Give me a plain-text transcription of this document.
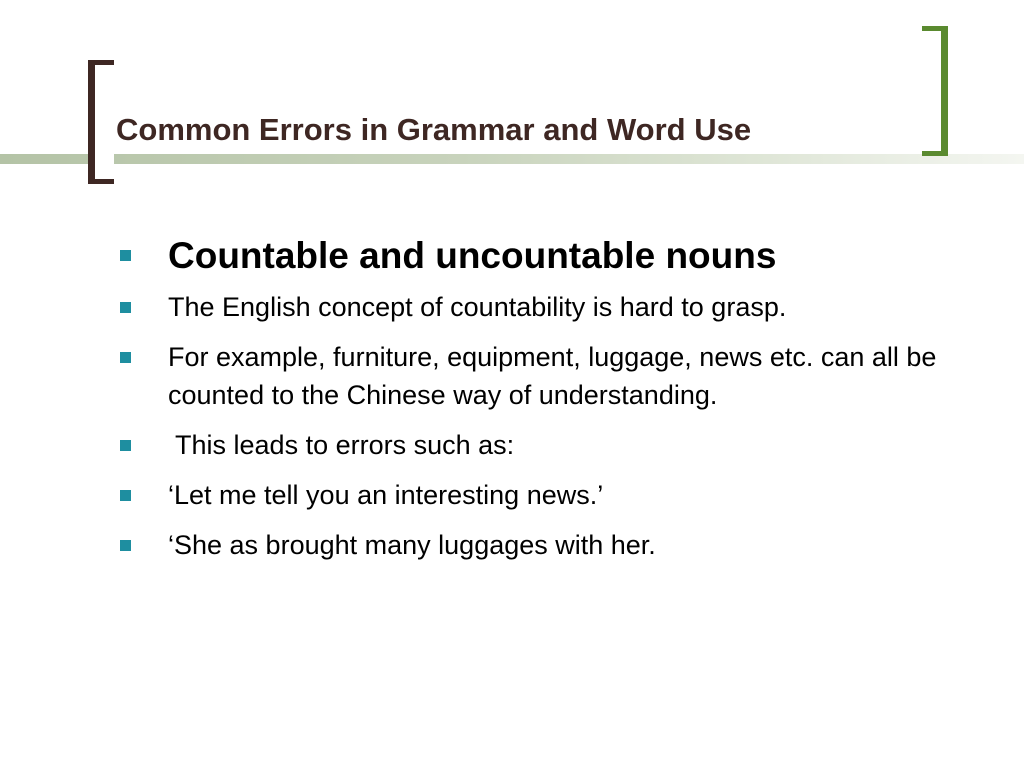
Common Errors in Grammar and Word Use
Countable and uncountable nouns
The English concept of countability is hard to grasp.
For example, furniture, equipment, luggage, news etc. can all be counted to the Chinese way of understanding.
This leads to errors such as:
‘Let me tell you an interesting news.’
‘She as brought many luggages with her.
